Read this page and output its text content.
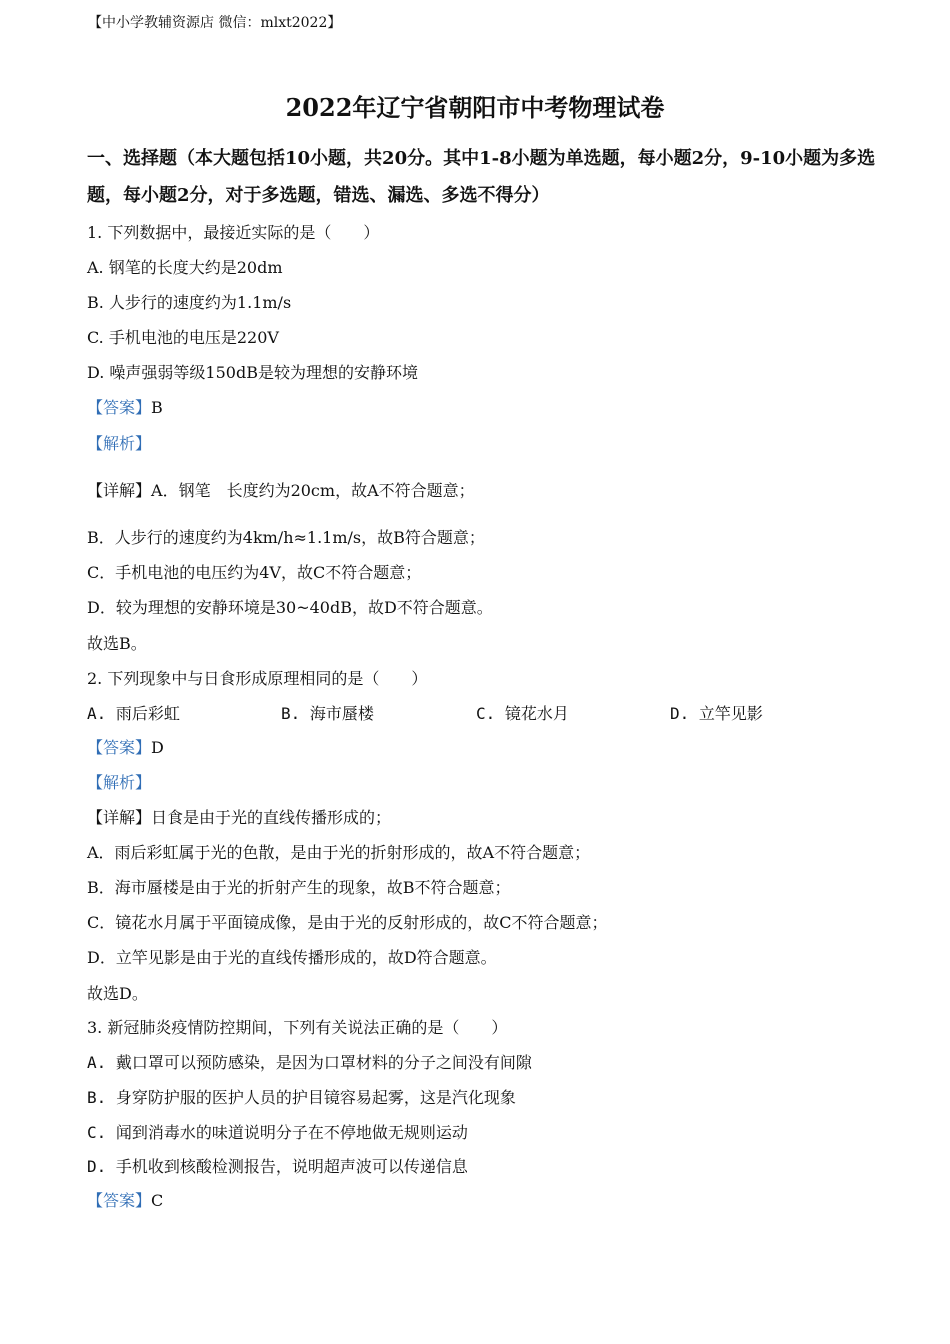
【中小学教辅资源店 微信：mlxt2022】
2022年辽宁省朝阳市中考物理试卷
一、选择题（本大题包括10小题，共20分。其中1-8小题为单选题，每小题2分，9-10小题为多选题，每小题2分，对于多选题，错选、漏选、多选不得分）
1. 下列数据中，最接近实际的是（　　）
A. 钢笔的长度大约是20dm
B. 人步行的速度约为1.1m/s
C. 手机电池的电压是220V
D. 噪声强弱等级150dB是较为理想的安静环境
【答案】B
【解析】
【详解】A．钢笔　长度约为20cm，故A不符合题意；
B．人步行的速度约为4km/h≈1.1m/s，故B符合题意；
C．手机电池的电压约为4V，故C不符合题意；
D．较为理想的安静环境是30~40dB，故D不符合题意。
故选B。
2. 下列现象中与日食形成原理相同的是（　　）
A. 雨后彩虹	B. 海市蜃楼	C. 镜花水月	D. 立竿见影
【答案】D
【解析】
【详解】日食是由于光的直线传播形成的；
A．雨后彩虹属于光的色散，是由于光的折射形成的，故A不符合题意；
B．海市蜃楼是由于光的折射产生的现象，故B不符合题意；
C．镜花水月属于平面镜成像，是由于光的反射形成的，故C不符合题意；
D．立竿见影是由于光的直线传播形成的，故D符合题意。
故选D。
3. 新冠肺炎疫情防控期间，下列有关说法正确的是（　　）
A. 戴口罩可以预防感染，是因为口罩材料的分子之间没有间隙
B. 身穿防护服的医护人员的护目镜容易起雾，这是汽化现象
C. 闻到消毒水的味道说明分子在不停地做无规则运动
D. 手机收到核酸检测报告，说明超声波可以传递信息
【答案】C
